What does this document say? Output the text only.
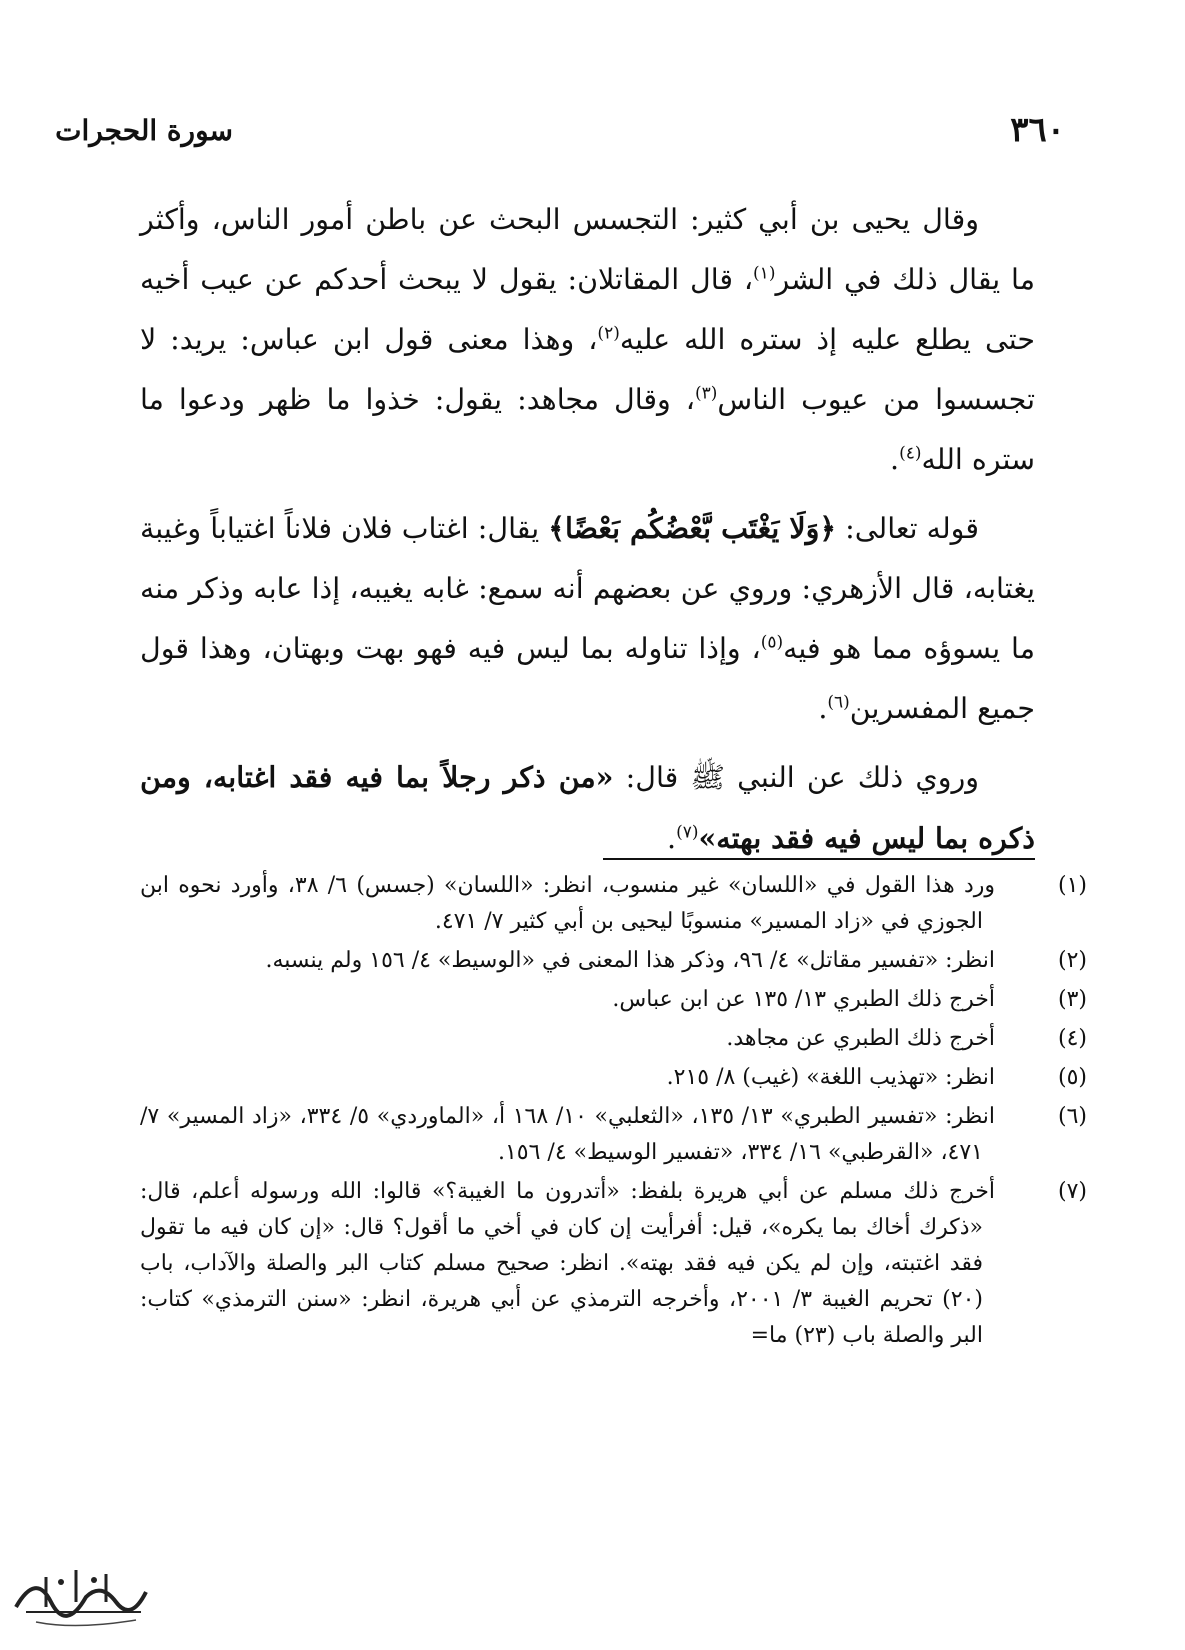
سورة الحجرات	٣٦٠

وقال يحيى بن أبي كثير: التجسس البحث عن باطن أمور الناس، وأكثر ما يقال ذلك في الشر$^{(١)}$، قال المقاتلان: يقول لا يبحث أحدكم عن عيب أخيه حتى يطلع عليه إذ ستره الله عليه$^{(٢)}$، وهذا معنى قول ابن عباس: يريد: لا تجسسوا من عيوب الناس$^{(٣)}$، وقال مجاهد: يقول: خذوا ما ظهر ودعوا ما ستره الله$^{(٤)}$.

قوله تعالى: ﴿وَلَا يَغْتَب بَّعْضُكُم بَعْضًا﴾ يقال: اغتاب فلان فلاناً اغتياباً وغيبة يغتابه، قال الأزهري: وروي عن بعضهم أنه سمع: غابه يغيبه، إذا عابه وذكر منه ما يسوؤه مما هو فيه$^{(٥)}$، وإذا تناوله بما ليس فيه فهو بهت وبهتان، وهذا قول جميع المفسرين$^{(٦)}$.

وروي ذلك عن النبي ﷺ قال: «من ذكر رجلاً بما فيه فقد اغتابه، ومن ذكره بما ليس فيه فقد بهته»$^{(٧)}$.

(١)ورد هذا القول في «اللسان» غير منسوب، انظر: «اللسان» (جسس) ٦/ ٣٨، وأورد نحوه ابن الجوزي في «زاد المسير» منسوبًا ليحيى بن أبي كثير ٧/ ٤٧١.

(٢)انظر: «تفسير مقاتل» ٤/ ٩٦، وذكر هذا المعنى في «الوسيط» ٤/ ١٥٦ ولم ينسبه.

(٣)أخرج ذلك الطبري ١٣/ ١٣٥ عن ابن عباس.

(٤)أخرج ذلك الطبري عن مجاهد.

(٥)انظر: «تهذيب اللغة» (غيب) ٨/ ٢١٥.

(٦)انظر: «تفسير الطبري» ١٣/ ١٣٥، «الثعلبي» ١٠/ ١٦٨ أ، «الماوردي» ٥/ ٣٣٤، «زاد المسير» ٧/ ٤٧١، «القرطبي» ١٦/ ٣٣٤، «تفسير الوسيط» ٤/ ١٥٦.

(٧)أخرج ذلك مسلم عن أبي هريرة بلفظ: «أتدرون ما الغيبة؟» قالوا: الله ورسوله أعلم، قال: «ذكرك أخاك بما يكره»، قيل: أفرأيت إن كان في أخي ما أقول؟ قال: «إن كان فيه ما تقول فقد اغتبته، وإن لم يكن فيه فقد بهته». انظر: صحيح مسلم كتاب البر والصلة والآداب، باب (٢٠) تحريم الغيبة ٣/ ٢٠٠١، وأخرجه الترمذي عن أبي هريرة، انظر: «سنن الترمذي» كتاب: البر والصلة باب (٢٣) ما=
